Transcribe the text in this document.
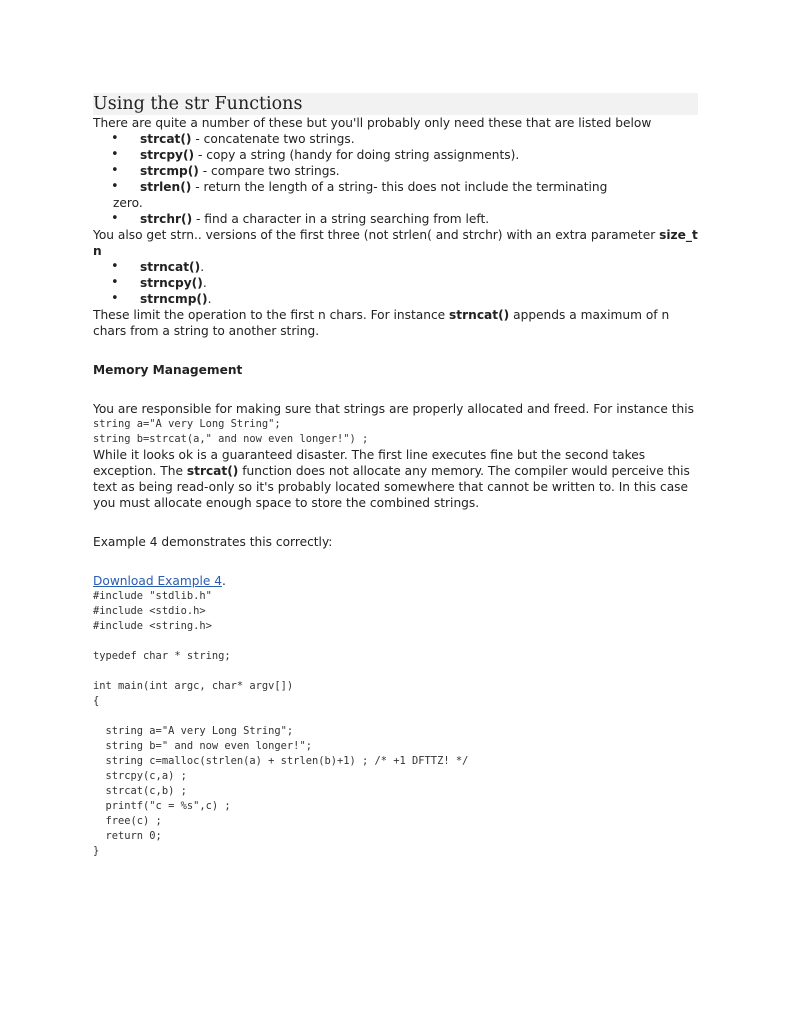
Using the str Functions

There are quite a number of these but you'll probably only need these that are listed below

• strcat() - concatenate two strings.
• strcpy() - copy a string (handy for doing string assignments).
• strcmp() - compare two strings.
• strlen() - return the length of a string- this does not include the terminating
zero.
• strchr() - find a character in a string searching from left.

You also get strn.. versions of the first three (not strlen( and strchr) with an extra parameter size_t n

• strncat().
• strncpy().
• strncmp().

These limit the operation to the first n chars. For instance strncat() appends a maximum of n chars from a string to another string.

Memory Management

You are responsible for making sure that strings are properly allocated and freed. For instance this

string a="A very Long String";
string b=strcat(a," and now even longer!") ;

While it looks ok is a guaranteed disaster. The first line executes fine but the second takes exception. The strcat() function does not allocate any memory. The compiler would perceive this text as being read-only so it's probably located somewhere that cannot be written to. In this case you must allocate enough space to store the combined strings.

Example 4 demonstrates this correctly:

Download Example 4.

#include "stdlib.h"
#include <stdio.h>
#include <string.h>

typedef char * string;

int main(int argc, char* argv[])
{

string a="A very Long String";
string b=" and now even longer!";
string c=malloc(strlen(a) + strlen(b)+1) ; /* +1 DFTTZ! */
strcpy(c,a) ;
strcat(c,b) ;
printf("c = %s",c) ;
free(c) ;
return 0;
}
